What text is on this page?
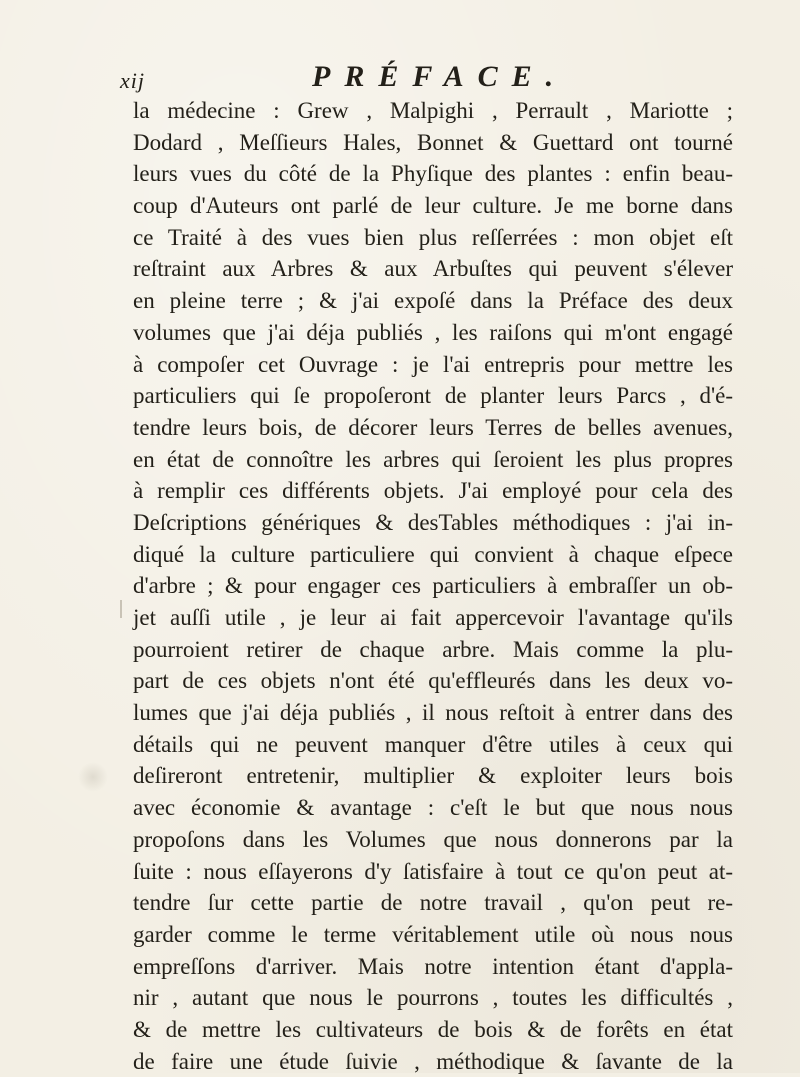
xij	PRÉFACE.
la médecine : Grew , Malpighi , Perrault , Mariotte ;
Dodard , Meſſieurs Hales, Bonnet & Guettard ont tourné
leurs vues du côté de la Phyſique des plantes : enfin beau-
coup d'Auteurs ont parlé de leur culture. Je me borne dans
ce Traité à des vues bien plus reſſerrées : mon objet eſt
reſtraint aux Arbres & aux Arbuſtes qui peuvent s'élever
en pleine terre ; & j'ai expoſé dans la Préface des deux
volumes que j'ai déja publiés , les raiſons qui m'ont engagé
à compoſer cet Ouvrage : je l'ai entrepris pour mettre les
particuliers qui ſe propoſeront de planter leurs Parcs , d'é-
tendre leurs bois, de décorer leurs Terres de belles avenues,
en état de connoître les arbres qui ſeroient les plus propres
à remplir ces différents objets. J'ai employé pour cela des
Deſcriptions génériques & desTables méthodiques : j'ai in-
diqué la culture particuliere qui convient à chaque eſpece
d'arbre ; & pour engager ces particuliers à embraſſer un ob-
jet auſſi utile , je leur ai fait appercevoir l'avantage qu'ils
pourroient retirer de chaque arbre. Mais comme la plu-
part de ces objets n'ont été qu'effleurés dans les deux vo-
lumes que j'ai déja publiés , il nous reſtoit à entrer dans des
détails qui ne peuvent manquer d'être utiles à ceux qui
deſireront entretenir, multiplier & exploiter leurs bois
avec économie & avantage : c'eſt le but que nous nous
propoſons dans les Volumes que nous donnerons par la
ſuite : nous eſſayerons d'y ſatisfaire à tout ce qu'on peut at-
tendre ſur cette partie de notre travail , qu'on peut re-
garder comme le terme véritablement utile où nous nous
empreſſons d'arriver. Mais notre intention étant d'appla-
nir , autant que nous le pourrons , toutes les difficultés ,
& de mettre les cultivateurs de bois & de forêts en état
de faire une étude ſuivie , méthodique & ſavante de la
